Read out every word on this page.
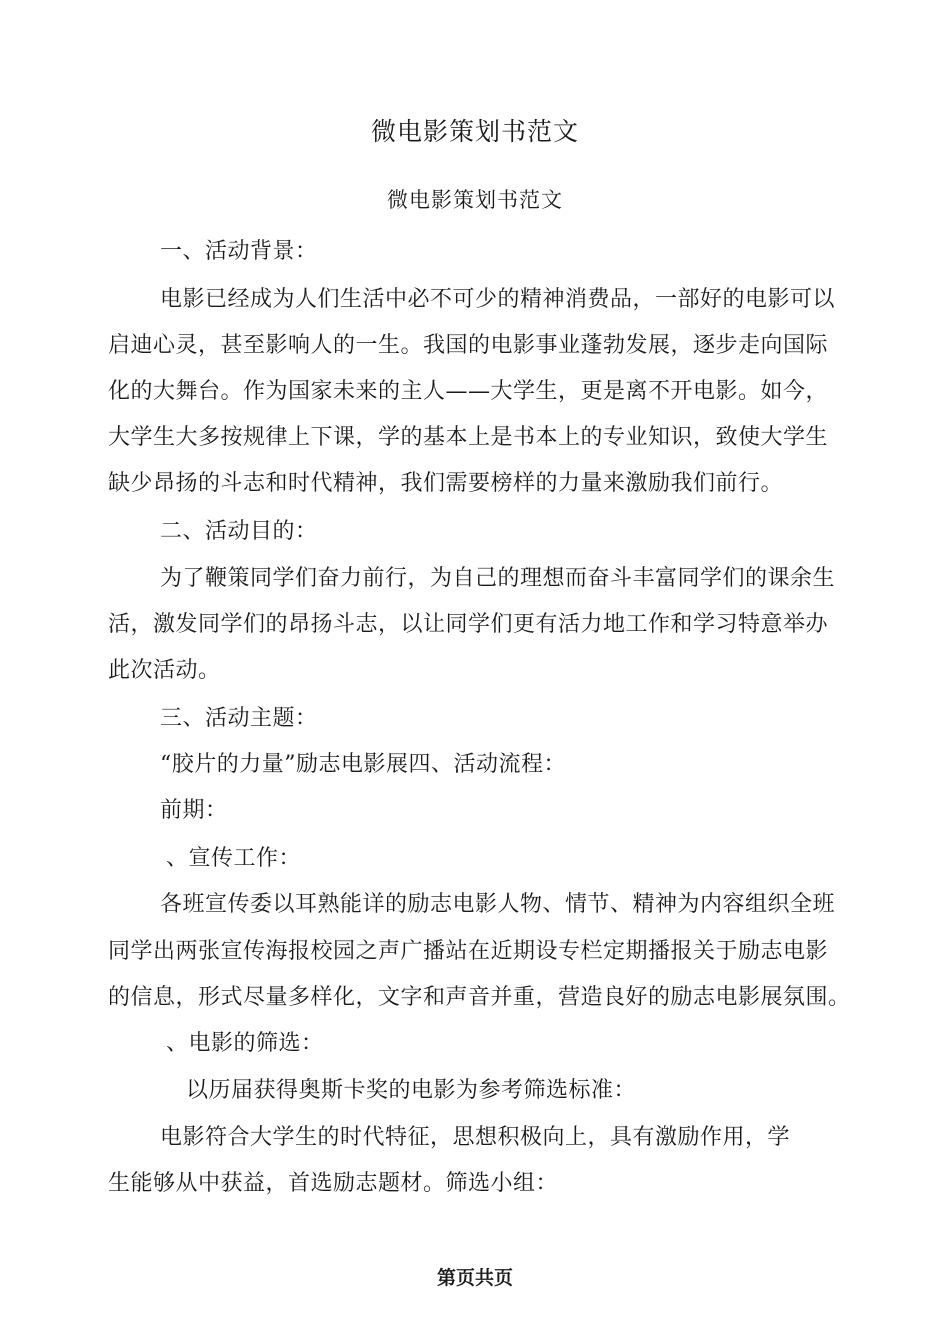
微电影策划书范文
微电影策划书范文
一、活动背景：
电影已经成为人们生活中必不可少的精神消费品，一部好的电影可以
启迪心灵，甚至影响人的一生。我国的电影事业蓬勃发展，逐步走向国际
化的大舞台。作为国家未来的主人——大学生，更是离不开电影。如今，
大学生大多按规律上下课，学的基本上是书本上的专业知识，致使大学生
缺少昂扬的斗志和时代精神，我们需要榜样的力量来激励我们前行。
二、活动目的：
为了鞭策同学们奋力前行，为自己的理想而奋斗丰富同学们的课余生
活，激发同学们的昂扬斗志，以让同学们更有活力地工作和学习特意举办
此次活动。
三、活动主题：
“胶片的力量”励志电影展四、活动流程：
前期：
、宣传工作：
各班宣传委以耳熟能详的励志电影人物、情节、精神为内容组织全班
同学出两张宣传海报校园之声广播站在近期设专栏定期播报关于励志电影
的信息，形式尽量多样化，文字和声音并重，营造良好的励志电影展氛围。
、电影的筛选：
以历届获得奥斯卡奖的电影为参考筛选标准：
电影符合大学生的时代特征，思想积极向上，具有激励作用，学
生能够从中获益，首选励志题材。筛选小组：
第页共页
